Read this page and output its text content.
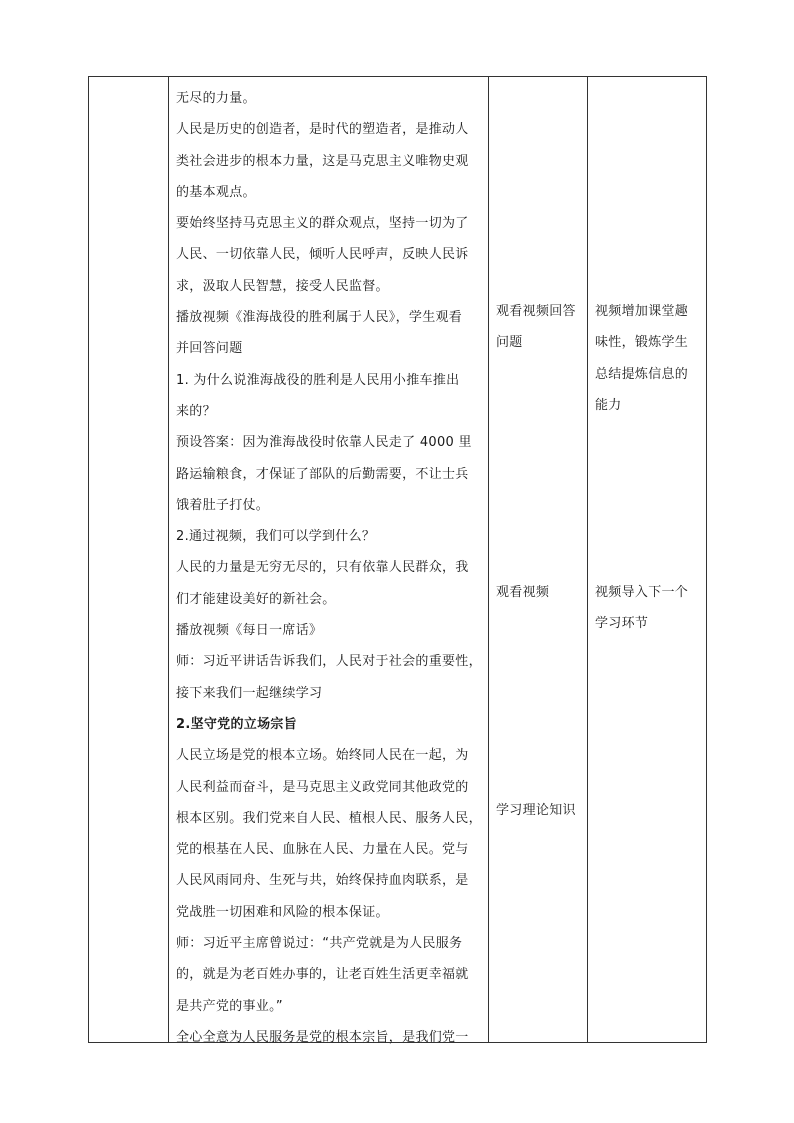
无尽的力量。

人民是历史的创造者，是时代的塑造者，是推动人

类社会进步的根本力量，这是马克思主义唯物史观

的基本观点。

要始终坚持马克思主义的群众观点，坚持一切为了

人民、一切依靠人民，倾听人民呼声，反映人民诉

求，汲取人民智慧，接受人民监督。

播放视频《淮海战役的胜利属于人民》，学生观看

并回答问题

1. 为什么说淮海战役的胜利是人民用小推车推出

来的？

预设答案：因为淮海战役时依靠人民走了 4000 里

路运输粮食，才保证了部队的后勤需要，不让士兵

饿着肚子打仗。

2.通过视频，我们可以学到什么？

人民的力量是无穷无尽的，只有依靠人民群众，我

们才能建设美好的新社会。

播放视频《每日一席话》

师：习近平讲话告诉我们，人民对于社会的重要性，

接下来我们一起继续学习

2.坚守党的立场宗旨

人民立场是党的根本立场。始终同人民在一起，为

人民利益而奋斗，是马克思主义政党同其他政党的

根本区别。我们党来自人民、植根人民、服务人民，

党的根基在人民、血脉在人民、力量在人民。党与

人民风雨同舟、生死与共，始终保持血肉联系，是

党战胜一切困难和风险的根本保证。

师：习近平主席曾说过：“共产党就是为人民服务

的，就是为老百姓办事的，让老百姓生活更幸福就

是共产党的事业。”

全心全意为人民服务是党的根本宗旨，是我们党一

观看视频回答
问题
观看视频
学习理论知识
视频增加课堂趣
味性，锻炼学生
总结提炼信息的
能力
视频导入下一个
学习环节
